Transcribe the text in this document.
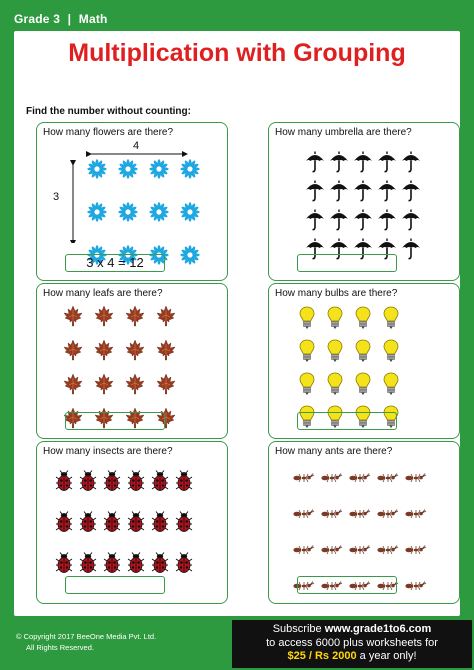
Grade 3 | Math
Multiplication with Grouping
Find the number without counting:
How many flowers are there?
4
3
3 x 4 = 12
How many umbrella are there?
How many leafs are there?	How many bulbs are there?
How many insects are there?	How many ants are there?
© Copyright 2017 BeeOne Media Pvt. Ltd.
All Rights Reserved.
Subscribe www.grade1to6.com
to access 6000 plus worksheets for
$25 / Rs 2000 a year only!
